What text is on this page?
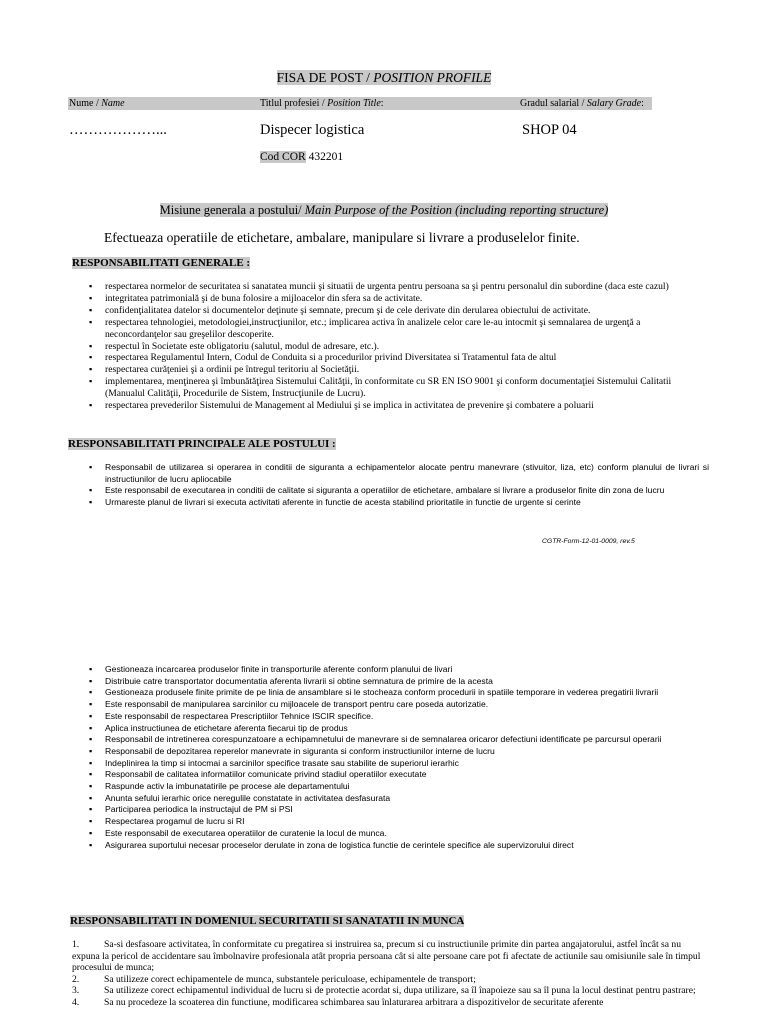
FISA DE POST / POSITION PROFILE
Nume / Name	Titlul profesiei / Position Title:	Gradul salarial / Salary Grade:
………………...	Dispecer logistica	SHOP 04
Cod COR 432201
Misiune generala a postului/ Main Purpose of the Position (including reporting structure)
Efectueaza operatiile de etichetare, ambalare, manipulare si livrare a produselelor finite.
RESPONSABILITATI GENERALE :
▪ respectarea normelor de securitatea si sanatatea muncii şi situatii de urgenta pentru persoana sa şi pentru personalul din subordine (daca este cazul)
▪ integritatea patrimonială şi de buna folosire a mijloacelor din sfera sa de activitate.
▪ confidenţialitatea datelor si documentelor deţinute şi semnate, precum şi de cele derivate din derularea obiectului de activitate.
▪ respectarea tehnologiei, metodologiei,instrucţiunilor, etc.; implicarea activa în analizele celor care le-au intocmit şi semnalarea de urgenţă a neconcordanţelor sau greşelilor descoperite.
▪ respectul în Societate este obligatoriu (salutul, modul de adresare, etc.).
▪ respectarea Regulamentul Intern, Codul de Conduita si a procedurilor privind Diversitatea si Tratamentul fata de altul
▪ respectarea curăţeniei şi a ordinii pe întregul teritoriu al Societăţii.
▪ implementarea, menţinerea şi îmbunătăţirea Sistemului Calităţii, în conformitate cu SR EN ISO 9001 şi conform documentaţiei Sistemului Calitatii (Manualul Calităţii, Procedurile de Sistem, Instrucţiunile de Lucru).
▪ respectarea prevederilor Sistemului de Management al Mediului şi se implica in activitatea de prevenire şi combatere a poluarii
RESPONSABILITATI PRINCIPALE ALE POSTULUI :
▪ Responsabil de utilizarea si operarea in conditii de siguranta a echipamentelor alocate pentru manevrare (stivuitor, liza, etc) conform planului de livrari si instructiunilor de lucru apliocabile
▪ Este responsabil de executarea in conditii de calitate si siguranta a operatiilor de etichetare, ambalare si livrare a produselor finite din zona de lucru
▪ Urmareste planul de livrari si executa activitati aferente in functie de acesta stabilind prioritatile in functie de urgente si cerinte
CGTR-Form-12-01-0009, rev.5
▪ Gestioneaza incarcarea produselor finite in transporturile aferente conform planului de livari
▪ Distribuie catre transportator documentatia aferenta livrarii si obtine semnatura de primire de la acesta
▪ Gestioneaza produsele finite primite de pe linia de ansamblare si le stocheaza conform procedurii in spatiile temporare in vederea pregatirii livrarii
▪ Este responsabil de manipularea sarcinilor cu mijloacele de transport pentru care poseda autorizatie.
▪ Este responsabil de respectarea Prescriptiilor Tehnice ISCIR specifice.
▪ Aplica instructiunea de etichetare aferenta fiecarui tip de produs
▪ Responsabil de intretinerea corespunzatoare a echipamnetului de manevrare si de semnalarea oricaror defectiuni identificate pe parcursul operarii
▪ Responsabil de depozitarea reperelor manevrate in siguranta si conform instructiunilor interne de lucru
▪ Indeplinirea la timp si intocmai a sarcinilor specifice trasate sau stabilite de superiorul ierarhic
▪ Responsabil de calitatea informatiilor comunicate privind stadiul operatiilor executate
▪ Raspunde activ la imbunatatirile pe procese ale departamentului
▪ Anunta sefului ierarhic orice neregulile constatate in activitatea desfasurata
▪ Participarea periodica la instructajul de PM si PSI
▪ Respectarea progamul de lucru si RI
▪ Este responsabil de executarea operatiilor de curatenie la locul de munca.
▪ Asigurarea suportului necesar proceselor derulate in zona de logistica functie de cerintele specifice ale supervizorului direct
RESPONSABILITATI IN DOMENIUL SECURITATII SI SANATATII IN MUNCA
1.	Sa-si desfasoare activitatea, în conformitate cu pregatirea si instruirea sa, precum si cu instructiunile primite din partea angajatorului, astfel încât sa nu expuna la pericol de accidentare sau îmbolnavire profesionala atât propria persoana cât si alte persoane care pot fi afectate de actiunile sau omisiunile sale în timpul procesului de munca;
2.	Sa utilizeze corect echipamentele de munca, substantele periculoase, echipamentele de transport;
3.	Sa utilizeze corect echipamentul individual de lucru si de protectie acordat si, dupa utilizare, sa îl înapoieze sau sa îl puna la locul destinat pentru pastrare;
4.	Sa nu procedeze la scoaterea din functiune, modificarea schimbarea sau înlaturarea arbitrara a dispozitivelor de securitate aferente
